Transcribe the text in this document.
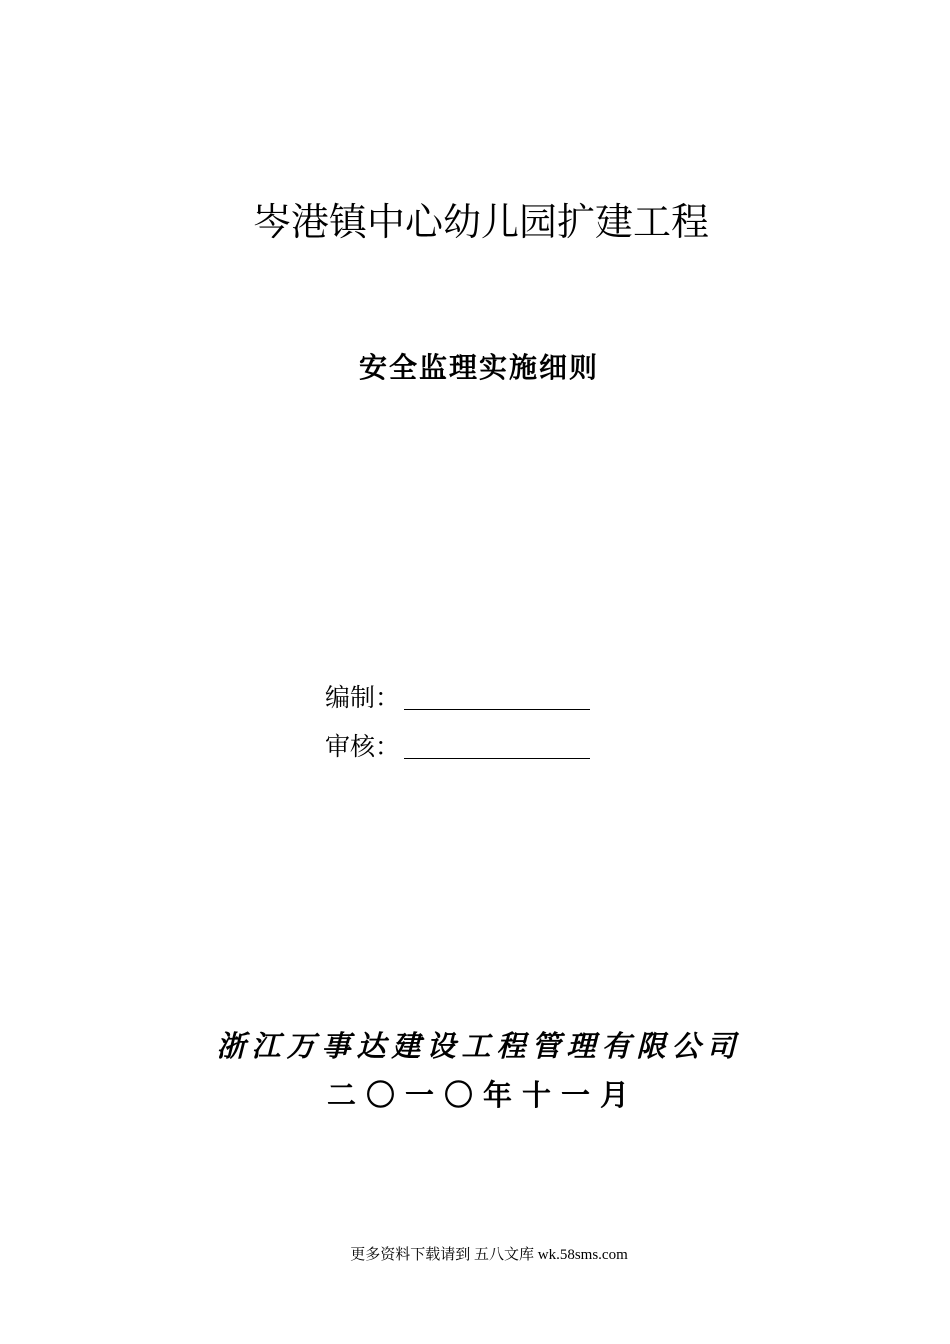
岑港镇中心幼儿园扩建工程
安全监理实施细则
编制：
审核：
浙江万事达建设工程管理有限公司
二〇一〇年十一月
更多资料下载请到 五八文库 wk.58sms.com
